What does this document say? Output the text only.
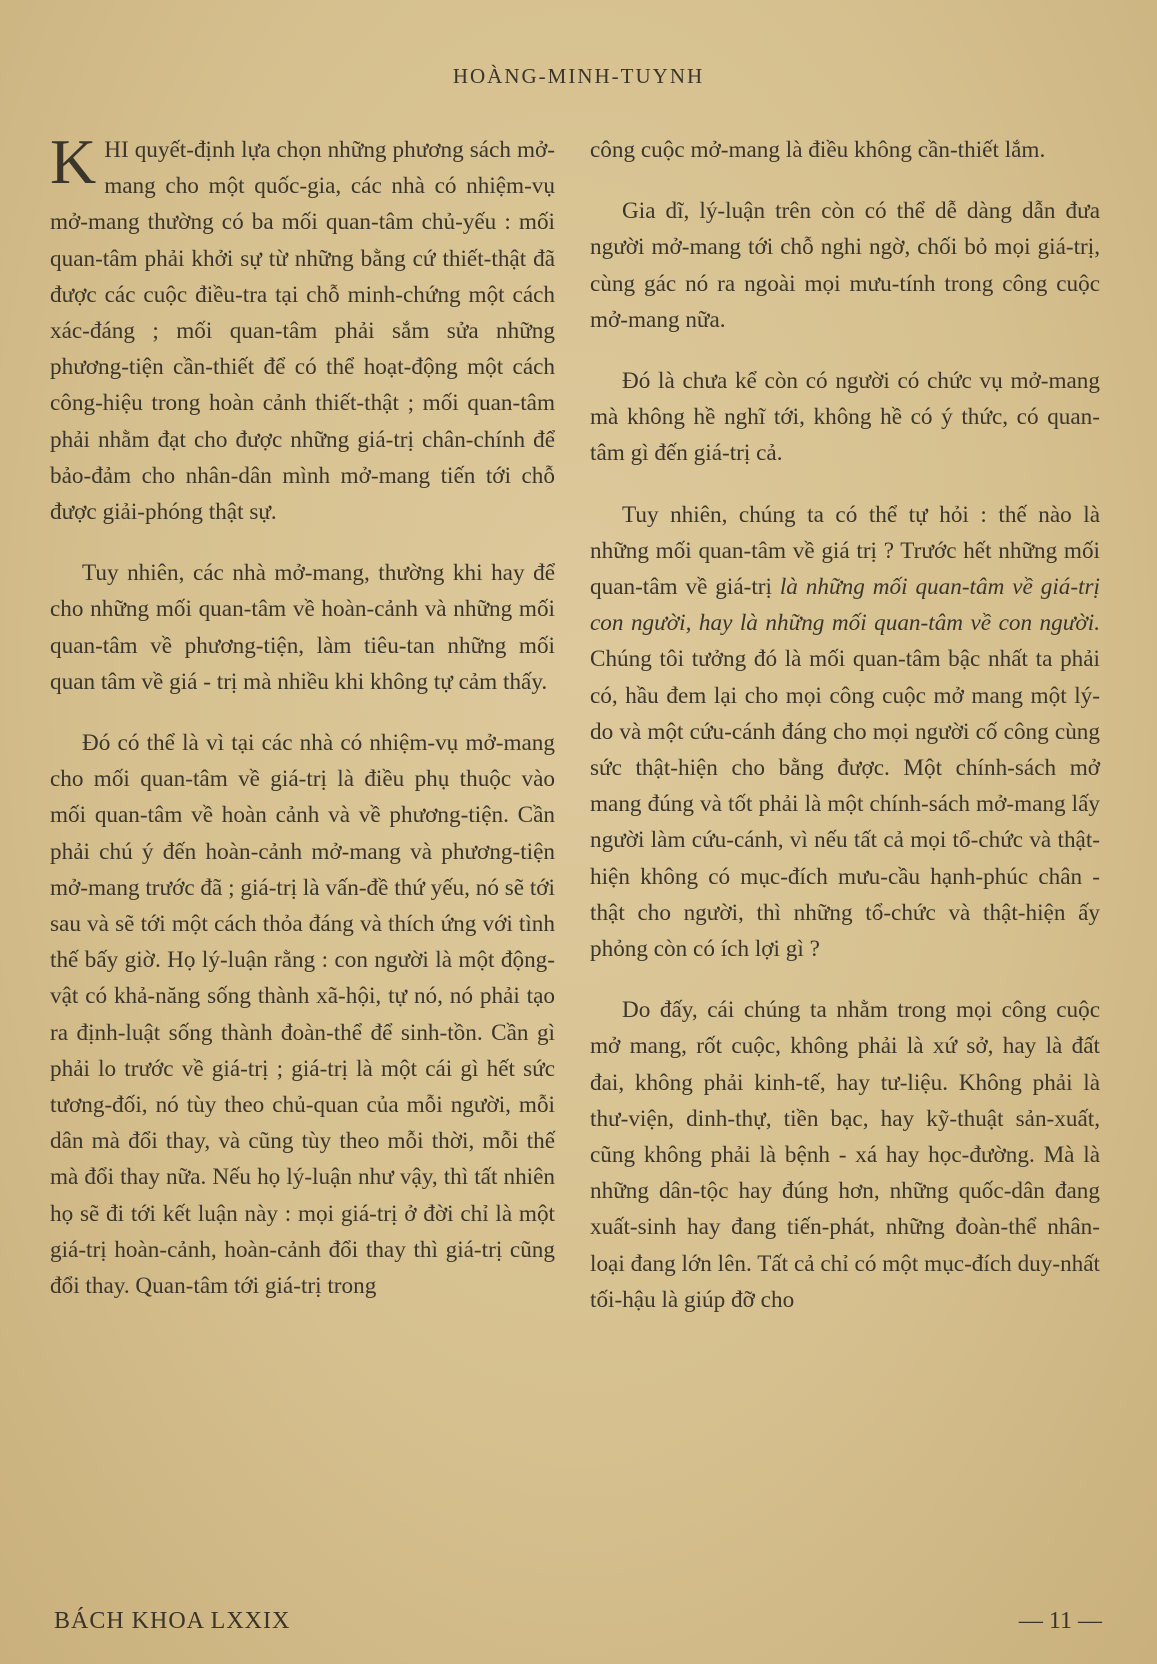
HOÀNG-MINH-TUYNH

KHI quyết-định lựa chọn những phương sách mở-mang cho một quốc-gia, các nhà có nhiệm-vụ mở-mang thường có ba mối quan-tâm chủ-yếu : mối quan-tâm phải khởi sự từ những bằng cứ thiết-thật đã được các cuộc điều-tra tại chỗ minh-chứng một cách xác-đáng ; mối quan-tâm phải sắm sửa những phương-tiện cần-thiết để có thể hoạt-động một cách công-hiệu trong hoàn cảnh thiết-thật ; mối quan-tâm phải nhằm đạt cho được những giá-trị chân-chính để bảo-đảm cho nhân-dân mình mở-mang tiến tới chỗ được giải-phóng thật sự.

Tuy nhiên, các nhà mở-mang, thường khi hay để cho những mối quan-tâm về hoàn-cảnh và những mối quan-tâm về phương-tiện, làm tiêu-tan những mối quan tâm về giá - trị mà nhiều khi không tự cảm thấy.

Đó có thể là vì tại các nhà có nhiệm-vụ mở-mang cho mối quan-tâm về giá-trị là điều phụ thuộc vào mối quan-tâm về hoàn cảnh và về phương-tiện. Cần phải chú ý đến hoàn-cảnh mở-mang và phương-tiện mở-mang trước đã ; giá-trị là vấn-đề thứ yếu, nó sẽ tới sau và sẽ tới một cách thỏa đáng và thích ứng với tình thế bấy giờ. Họ lý-luận rằng : con người là một động-vật có khả-năng sống thành xã-hội, tự nó, nó phải tạo ra định-luật sống thành đoàn-thể để sinh-tồn. Cần gì phải lo trước về giá-trị ; giá-trị là một cái gì hết sức tương-đối, nó tùy theo chủ-quan của mỗi người, mỗi dân mà đổi thay, và cũng tùy theo mỗi thời, mỗi thế mà đổi thay nữa. Nếu họ lý-luận như vậy, thì tất nhiên họ sẽ đi tới kết luận này : mọi giá-trị ở đời chỉ là một giá-trị hoàn-cảnh, hoàn-cảnh đổi thay thì giá-trị cũng đổi thay. Quan-tâm tới giá-trị trong

công cuộc mở-mang là điều không cần-thiết lắm.

Gia dĩ, lý-luận trên còn có thể dễ dàng dẫn đưa người mở-mang tới chỗ nghi ngờ, chối bỏ mọi giá-trị, cùng gác nó ra ngoài mọi mưu-tính trong công cuộc mở-mang nữa.

Đó là chưa kể còn có người có chức vụ mở-mang mà không hề nghĩ tới, không hề có ý thức, có quan-tâm gì đến giá-trị cả.

Tuy nhiên, chúng ta có thể tự hỏi : thế nào là những mối quan-tâm về giá trị ? Trước hết những mối quan-tâm về giá-trị là những mối quan-tâm về giá-trị con người, hay là những mối quan-tâm về con người. Chúng tôi tưởng đó là mối quan-tâm bậc nhất ta phải có, hầu đem lại cho mọi công cuộc mở mang một lý-do và một cứu-cánh đáng cho mọi người cố công cùng sức thật-hiện cho bằng được. Một chính-sách mở mang đúng và tốt phải là một chính-sách mở-mang lấy người làm cứu-cánh, vì nếu tất cả mọi tổ-chức và thật-hiện không có mục-đích mưu-cầu hạnh-phúc chân - thật cho người, thì những tổ-chức và thật-hiện ấy phỏng còn có ích lợi gì ?

Do đấy, cái chúng ta nhằm trong mọi công cuộc mở mang, rốt cuộc, không phải là xứ sở, hay là đất đai, không phải kinh-tế, hay tư-liệu. Không phải là thư-viện, dinh-thự, tiền bạc, hay kỹ-thuật sản-xuất, cũng không phải là bệnh - xá hay học-đường. Mà là những dân-tộc hay đúng hơn, những quốc-dân đang xuất-sinh hay đang tiến-phát, những đoàn-thể nhân-loại đang lớn lên. Tất cả chỉ có một mục-đích duy-nhất tối-hậu là giúp đỡ cho

BÁCH KHOA LXXIX	— 11 —
